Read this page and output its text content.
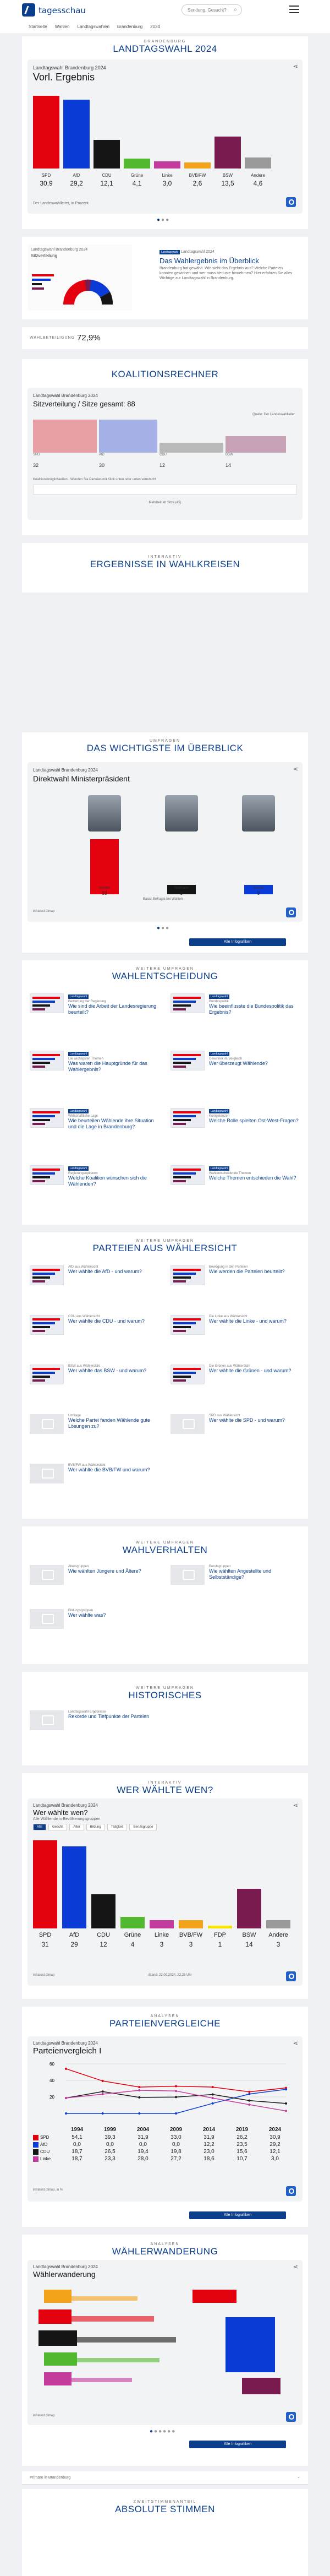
tagesschau	Sendung, Gesucht? ⌕
Startseite Wahlen Landtagswahlen Brandenburg 2024
BRANDENBURG
LANDTAGSWAHL 2024
Landtagswahl Brandenburg 2024
Vorl. Ergebnis
⋖
SPD
30,9
AfD
29,2
CDU
12,1
Grüne
4,1
Linke
3,0
BVB/FW
2,6
BSW
13,5
Andere
4,6
Der Landeswahlleiter, in Prozent
●●●
Landtagswahl Brandenburg 2024
Sitzverteilung
Landtagswahl Landtagswahl 2024
Das Wahlergebnis im Überblick
Brandenburg hat gewählt. Wie sieht das Ergebnis aus? Welche Parteien konnten gewinnen und wer muss Verluste hinnehmen? Hier erfahren Sie alles Wichtige zur Landtagswahl in Brandenburg.
WAHLBETEILIGUNG 72,9%
KOALITIONSRECHNER
Landtagswahl Brandenburg 2024
Sitzverteilung / Sitze gesamt: 88
Quelle: Der Landeswahlleiter
SPD	AfD	CDU	BSW
32	30	12	14
Koalitionsmöglichkeiten - Wenden Sie Parteien mit Klick unten oder unten verrutscht
Mehrheit ab Sitze (45)
INTERAKTIV
ERGEBNISSE IN WAHLKREISEN
UMFRAGEN
DAS WICHTIGSTE IM ÜBERBLICK
Landtagswahl Brandenburg 2024
Direktwahl Ministerpräsident
⋖
Woidke
53
Redmann
9
Berndt
9
infratest dimap
Basis: Befragte bei Wahlen
●●●
Alle Infografiken
WEITERE UMFRAGEN
WAHLENTSCHEIDUNG
Landtagswahl

Bewertung der Regierung
Wie sind die Arbeit der Landesregierung beurteilt?
Landtagswahl

Bundespolitik
Wie beeinflusste die Bundespolitik das Ergebnis?
Landtagswahl

Die wichtigsten Themen
Was waren die Hauptgründe für das Wahlergebnis?
Landtagswahl

Gewinner im Vergleich
Wer überzeugt Wählende?
Landtagswahl

Wirtschaftliche Lage
Wie beurteilen Wählende ihre Situation und die Lage in Brandenburg?
Landtagswahl

Kompetenzen
Welche Rolle spielten Ost-West-Fragen?
Landtagswahl

Regierungsoptionen
Welche Koalition wünschen sich die Wählenden?
Landtagswahl

Wahlentscheidende Themen
Welche Themen entschieden die Wahl?
WEITERE UMFRAGEN
PARTEIEN AUS WÄHLERSICHT
AfD aus Wählersicht
Wer wählte die AfD - und warum?
Bewegung in den Parteien
Wie werden die Parteien beurteilt?
CDU aus Wählersicht
Wer wählte die CDU - und warum?
Die Linke aus Wählersicht
Wer wählte die Linke - und warum?
BSW aus Wählersicht
Wer wählte das BSW - und warum?
Die Grünen aus Wählersicht
Wer wählte die Grünen - und warum?
Umfrage
Welche Partei fanden Wählende gute Lösungen zu?
SPD aus Wählersicht
Wer wählte die SPD - und warum?
BVB/FW aus Wählersicht
Wer wählte die BVB/FW und warum?
WEITERE UMFRAGEN
WAHLVERHALTEN
Altersgruppen
Wie wählten Jüngere und Ältere?
Berufsgruppen
Wie wählten Angestellte und Selbstständige?
Bildungsgruppen
Wer wählte was?
WEITERE UMFRAGEN
HISTORISCHES
Landtagswahl Ergebnisse
Rekorde und Tiefpunkte der Parteien
INTERAKTIV
WER WÄHLTE WEN?
Landtagswahl Brandenburg 2024
Wer wählte wen?
Alle Wählende in Bevölkerungsgruppen
⋖
Alle	Geschl.	Alter	Bildung	Tätigkeit	Berufsgruppe
SPD
31
AfD
29
CDU
12
Grüne
4
Linke
3
BVB/FW
3
FDP
1
BSW
14
Andere
3
infratest dimap	Stand: 22.09.2024, 22:25 Uhr
ANALYSEN
PARTEIENVERGLEICHE
Landtagswahl Brandenburg 2024
Parteienvergleich I
⋖
60
40
20
1994	1999	2004	2009	2014	2019	2024
SPD	54,1	39,3	31,9	33,0	31,9	26,2	30,9
AfD	0,0	0,0	0,0	0,0	12,2	23,5	29,2
CDU	18,7	26,5	19,4	19,8	23,0	15,6	12,1
Linke	18,7	23,3	28,0	27,2	18,6	10,7	3,0
infratest dimap, in %
Alle Infografiken
ANALYSEN
WÄHLERWANDERUNG
Landtagswahl Brandenburg 2024
Wählerwanderung
⋖
infratest dimap
●●●●●●
Alle Infografiken
Primäre in Brandenburg	⌄
ZWEITSTIMMENANTEIL
ABSOLUTE STIMMEN
